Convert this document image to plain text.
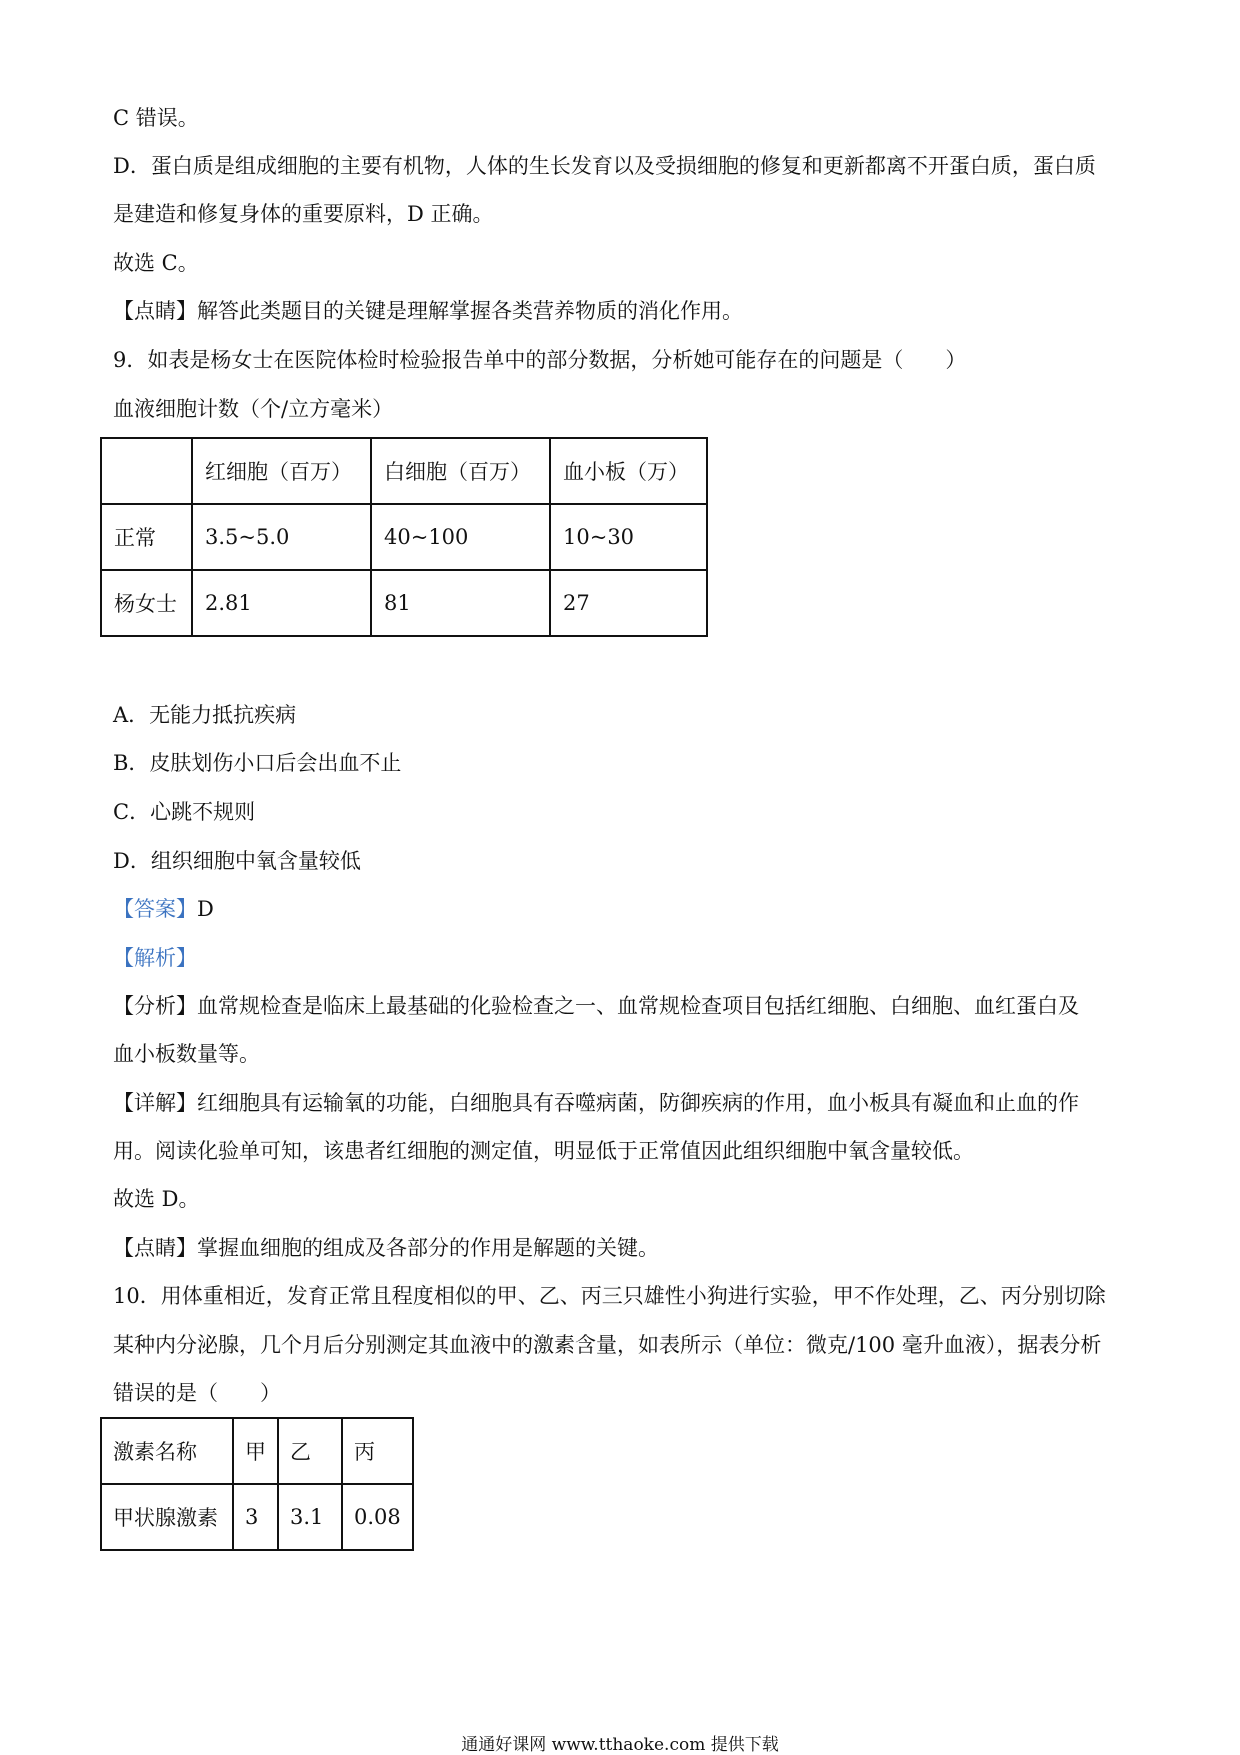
C 错误。
D．蛋白质是组成细胞的主要有机物，人体的生长发育以及受损细胞的修复和更新都离不开蛋白质，蛋白质
是建造和修复身体的重要原料，D 正确。
故选 C。
【点睛】解答此类题目的关键是理解掌握各类营养物质的消化作用。
9．如表是杨女士在医院体检时检验报告单中的部分数据，分析她可能存在的问题是（　　）
血液细胞计数（个/立方毫米）
	红细胞（百万）	白细胞（百万）	血小板（万）
正常	3.5~5.0	40~100	10~30
杨女士	2.81	81	27
A．无能力抵抗疾病
B．皮肤划伤小口后会出血不止
C．心跳不规则
D．组织细胞中氧含量较低
【答案】D
【解析】
【分析】血常规检查是临床上最基础的化验检查之一、血常规检查项目包括红细胞、白细胞、血红蛋白及
血小板数量等。
【详解】红细胞具有运输氧的功能，白细胞具有吞噬病菌，防御疾病的作用，血小板具有凝血和止血的作
用。阅读化验单可知，该患者红细胞的测定值，明显低于正常值因此组织细胞中氧含量较低。
故选 D。
【点睛】掌握血细胞的组成及各部分的作用是解题的关键。
10．用体重相近，发育正常且程度相似的甲、乙、丙三只雄性小狗进行实验，甲不作处理，乙、丙分别切除
某种内分泌腺，几个月后分别测定其血液中的激素含量，如表所示（单位：微克/100 毫升血液），据表分析
错误的是（　　）
激素名称	甲	乙	丙
甲状腺激素	3	3.1	0.08
通通好课网 www.tthaoke.com 提供下载
